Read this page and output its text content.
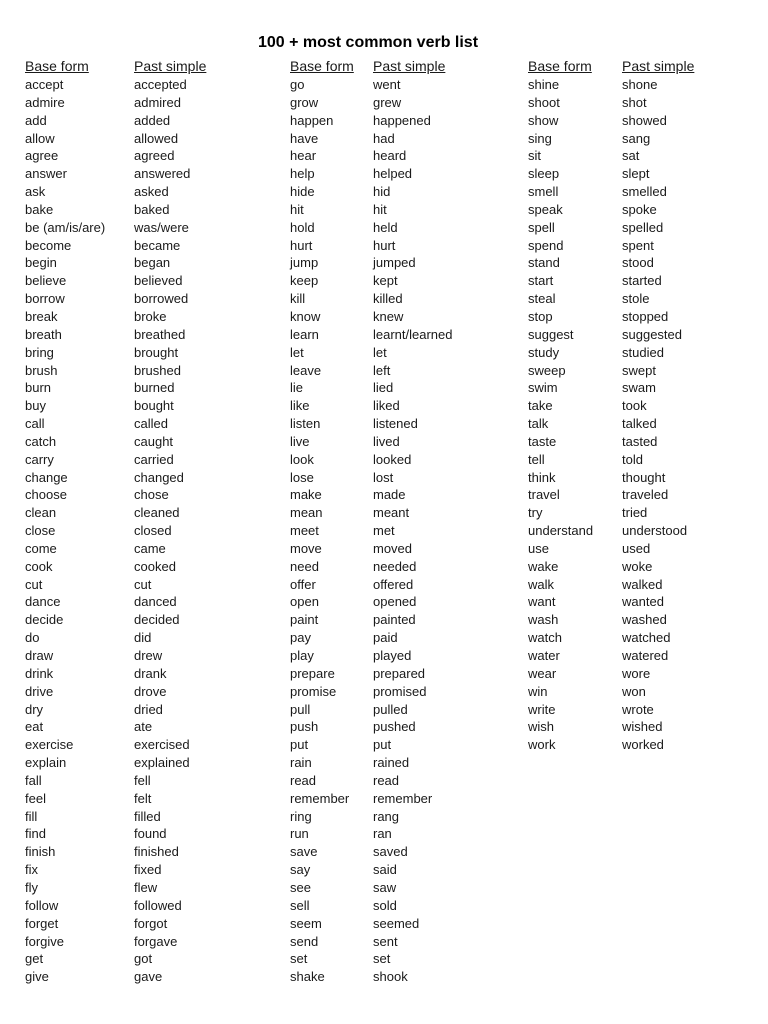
100 + most common verb list
Base form
accept
admire
add
allow
agree
answer
ask
bake
be (am/is/are)
become
begin
believe
borrow
break
breath
bring
brush
burn
buy
call
catch
carry
change
choose
clean
close
come
cook
cut
dance
decide
do
draw
drink
drive
dry
eat
exercise
explain
fall
feel
fill
find
finish
fix
fly
follow
forget
forgive
get
give
Past simple
accepted
admired
added
allowed
agreed
answered
asked
baked
was/were
became
began
believed
borrowed
broke
breathed
brought
brushed
burned
bought
called
caught
carried
changed
chose
cleaned
closed
came
cooked
cut
danced
decided
did
drew
drank
drove
dried
ate
exercised
explained
fell
felt
filled
found
finished
fixed
flew
followed
forgot
forgave
got
gave
Base form
go
grow
happen
have
hear
help
hide
hit
hold
hurt
jump
keep
kill
know
learn
let
leave
lie
like
listen
live
look
lose
make
mean
meet
move
need
offer
open
paint
pay
play
prepare
promise
pull
push
put
rain
read
remember
ring
run
save
say
see
sell
seem
send
set
shake
Past simple
went
grew
happened
had
heard
helped
hid
hit
held
hurt
jumped
kept
killed
knew
learnt/learned
let
left
lied
liked
listened
lived
looked
lost
made
meant
met
moved
needed
offered
opened
painted
paid
played
prepared
promised
pulled
pushed
put
rained
read
remember
rang
ran
saved
said
saw
sold
seemed
sent
set
shook
Base form
shine
shoot
show
sing
sit
sleep
smell
speak
spell
spend
stand
start
steal
stop
suggest
study
sweep
swim
take
talk
taste
tell
think
travel
try
understand
use
wake
walk
want
wash
watch
water
wear
win
write
wish
work
Past simple
shone
shot
showed
sang
sat
slept
smelled
spoke
spelled
spent
stood
started
stole
stopped
suggested
studied
swept
swam
took
talked
tasted
told
thought
traveled
tried
understood
used
woke
walked
wanted
washed
watched
watered
wore
won
wrote
wished
worked
